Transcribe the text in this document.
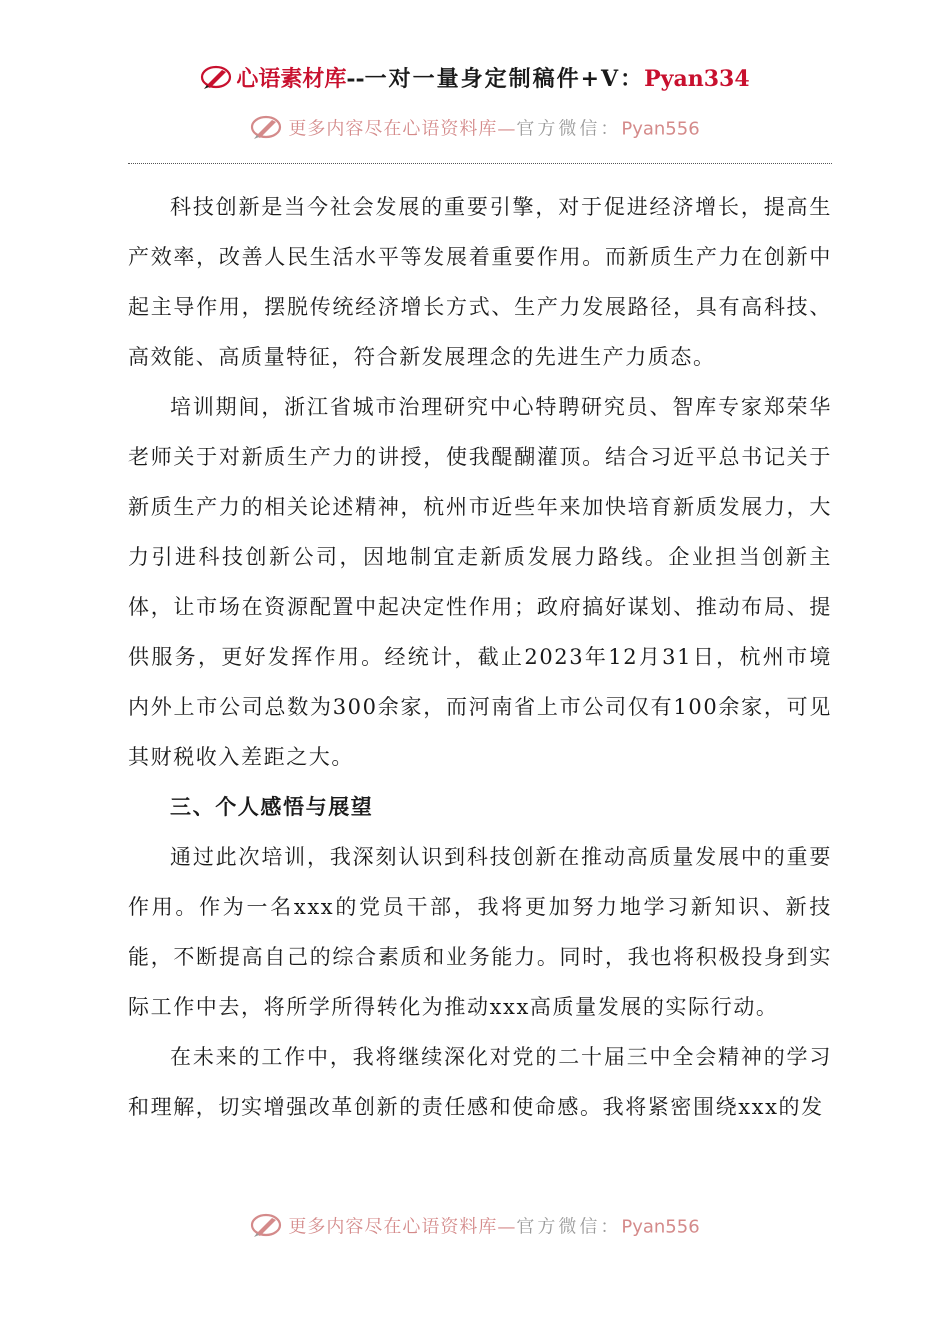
心语素材库--一对一量身定制稿件+V：Pyan334
更多内容尽在心语资料库—官方微信：Pyan556

科技创新是当今社会发展的重要引擎，对于促进经济增长，提高生产效率，改善人民生活水平等发展着重要作用。而新质生产力在创新中起主导作用，摆脱传统经济增长方式、生产力发展路径，具有高科技、高效能、高质量特征，符合新发展理念的先进生产力质态。

培训期间，浙江省城市治理研究中心特聘研究员、智库专家郑荣华老师关于对新质生产力的讲授，使我醍醐灌顶。结合习近平总书记关于新质生产力的相关论述精神，杭州市近些年来加快培育新质发展力，大力引进科技创新公司，因地制宜走新质发展力路线。企业担当创新主体，让市场在资源配置中起决定性作用；政府搞好谋划、推动布局、提供服务，更好发挥作用。经统计，截止2023年12月31日，杭州市境内外上市公司总数为300余家，而河南省上市公司仅有100余家，可见其财税收入差距之大。

三、个人感悟与展望

通过此次培训，我深刻认识到科技创新在推动高质量发展中的重要作用。作为一名xxx的党员干部，我将更加努力地学习新知识、新技能，不断提高自己的综合素质和业务能力。同时，我也将积极投身到实际工作中去，将所学所得转化为推动xxx高质量发展的实际行动。

在未来的工作中，我将继续深化对党的二十届三中全会精神的学习和理解，切实增强改革创新的责任感和使命感。我将紧密围绕xxx的发

更多内容尽在心语资料库—官方微信：Pyan556
